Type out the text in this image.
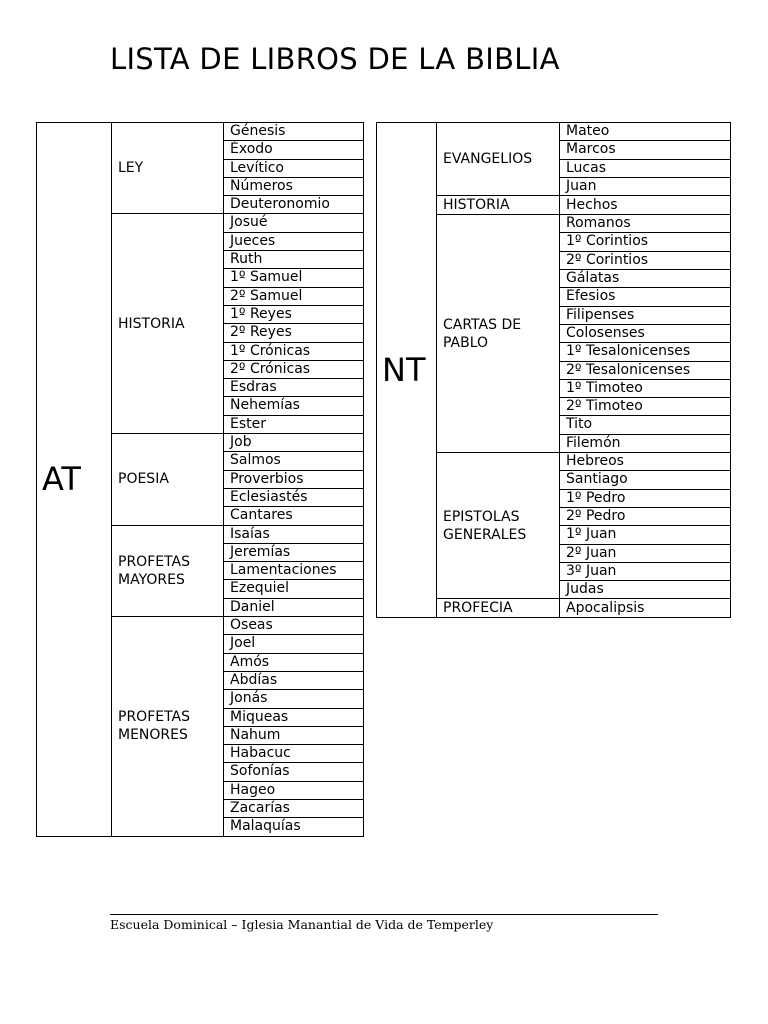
LISTA DE LIBROS DE LA BIBLIA
AT	LEY	Génesis
		Éxodo
		Levítico
		Números
		Deuteronomio
	HISTORIA	Josué
		Jueces
		Ruth
		1º Samuel
		2º Samuel
		1º Reyes
		2º Reyes
		1º Crónicas
		2º Crónicas
		Esdras
		Nehemías
		Ester
	POESIA	Job
		Salmos
		Proverbios
		Eclesiastés
		Cantares
	PROFETAS MAYORES	Isaías
		Jeremías
		Lamentaciones
		Ezequiel
		Daniel
	PROFETAS MENORES	Oseas
		Joel
		Amós
		Abdías
		Jonás
		Miqueas
		Nahum
		Habacuc
		Sofonías
		Hageo
		Zacarías
		Malaquías
NT	EVANGELIOS	Mateo
		Marcos
		Lucas
		Juan
	HISTORIA	Hechos
	CARTAS DE PABLO	Romanos
		1º Corintios
		2º Corintios
		Gálatas
		Efesios
		Filipenses
		Colosenses
		1º Tesalonicenses
		2º Tesalonicenses
		1º Timoteo
		2º Timoteo
		Tito
		Filemón
	EPISTOLAS GENERALES	Hebreos
		Santiago
		1º Pedro
		2º Pedro
		1º Juan
		2º Juan
		3º Juan
		Judas
	PROFECIA	Apocalipsis
Escuela Dominical – Iglesia Manantial de Vida de Temperley
